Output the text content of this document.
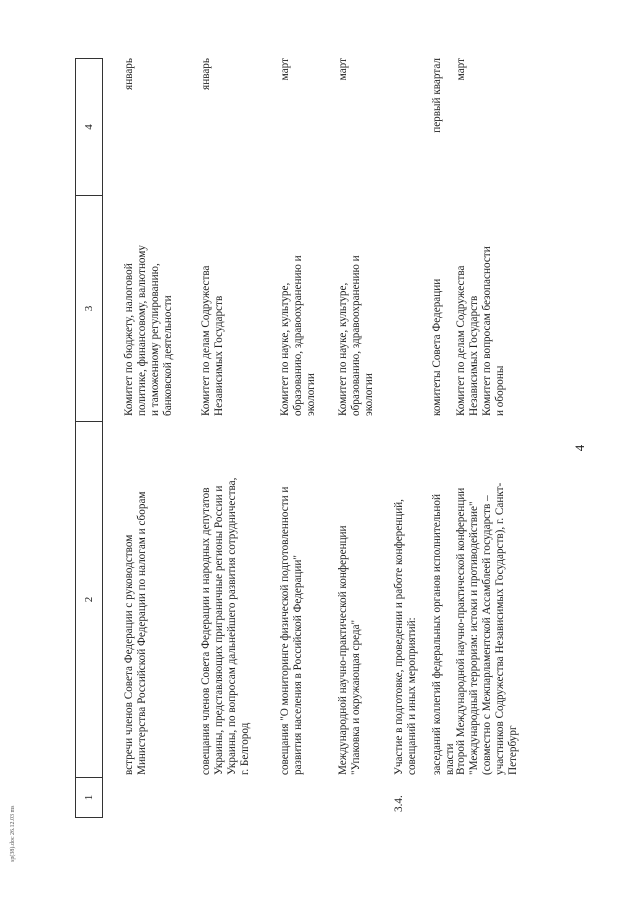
4
1
2
3
4
встречи членов Совета Федерации с руководством Министерства Российской Федерации по налогам и сборам
Комитет по бюджету, налоговой политике, финансовому, валютному и таможенному регулированию, банковской деятельности
январь
совещания членов Совета Федерации и народных депутатов Украины, представляющих приграничные регионы России и Украины, по вопросам дальнейшего развития сотрудничества, г. Белгород
Комитет по делам Содружества Независимых Государств
январь
совещания "О мониторинге физической подготовленности и развития населения в Российской Федерации"
Комитет по науке, культуре, образованию, здравоохранению и экологии
март
Международной научно-практической конференции "Упаковка и окружающая среда"
Комитет по науке, культуре, образованию, здравоохранению и экологии
март
3.4.
Участие в подготовке, проведении и работе конференций, совещаний и иных мероприятий: заседаний коллегий федеральных органов исполнительной власти
комитеты Совета Федерации
первый квартал
Второй Международной научно-практической конференции "Международный терроризм: истоки и противодействие" (совместно с Межпарламентской Ассамблеей государств – участников Содружества Независимых Государств), г. Санкт-Петербург
Комитет по делам Содружества Независимых Государств
Комитет по вопросам безопасности и обороны
март
sp(38).doc 26.12.03 ms
